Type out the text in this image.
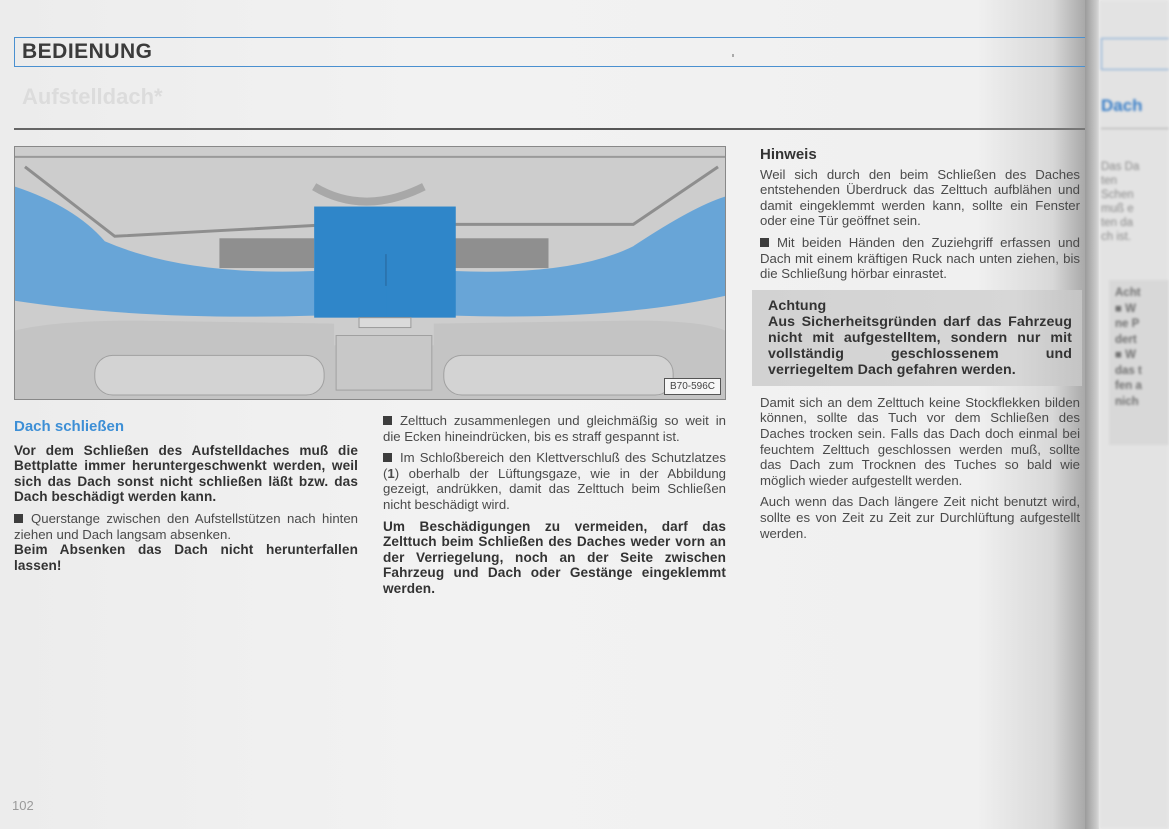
BEDIENUNG
Aufstelldach*
B70-596C
Dach schließen

Vor dem Schließen des Aufstelldaches muß die Bettplatte immer heruntergeschwenkt werden, weil sich das Dach sonst nicht schließen läßt bzw. das Dach beschädigt werden kann.

Querstange zwischen den Aufstellstützen nach hinten ziehen und Dach langsam absenken.

Beim Absenken das Dach nicht herunterfallen lassen!

Zelttuch zusammenlegen und gleichmäßig so weit in die Ecken hineindrücken, bis es straff gespannt ist.

Im Schloßbereich den Klettverschluß des Schutzlatzes (1) oberhalb der Lüftungsgaze, wie in der Abbildung gezeigt, andrükken, damit das Zelttuch beim Schließen nicht beschädigt wird.

Um Beschädigungen zu vermeiden, darf das Zelttuch beim Schließen des Daches weder vorn an der Verriegelung, noch an der Seite zwischen Fahrzeug und Dach oder Gestänge eingeklemmt werden.

Hinweis

Weil sich durch den beim Schließen des Daches entstehenden Überdruck das Zelttuch aufblähen und damit eingeklemmt werden kann, sollte ein Fenster oder eine Tür geöffnet sein.

Mit beiden Händen den Zuziehgriff erfassen und Dach mit einem kräftigen Ruck nach unten ziehen, bis die Schließung hörbar einrastet.

Achtung
Aus Sicherheitsgründen darf das Fahrzeug nicht mit aufgestelltem, sondern nur mit vollständig geschlossenem und verriegeltem Dach gefahren werden.

Damit sich an dem Zelttuch keine Stockflekken bilden können, sollte das Tuch vor dem Schließen des Daches trocken sein. Falls das Dach doch einmal bei feuchtem Zelttuch geschlossen werden muß, sollte das Dach zum Trocknen des Tuches so bald wie möglich wieder aufgestellt werden.

Auch wenn das Dach längere Zeit nicht benutzt wird, sollte es von Zeit zu Zeit zur Durchlüftung aufgestellt werden.

102
Dach
Das Da
ten
Schen
muß e
ten da
ch ist.
Acht
■ W
ne P
dert
■ W
das t
fen a
nich
